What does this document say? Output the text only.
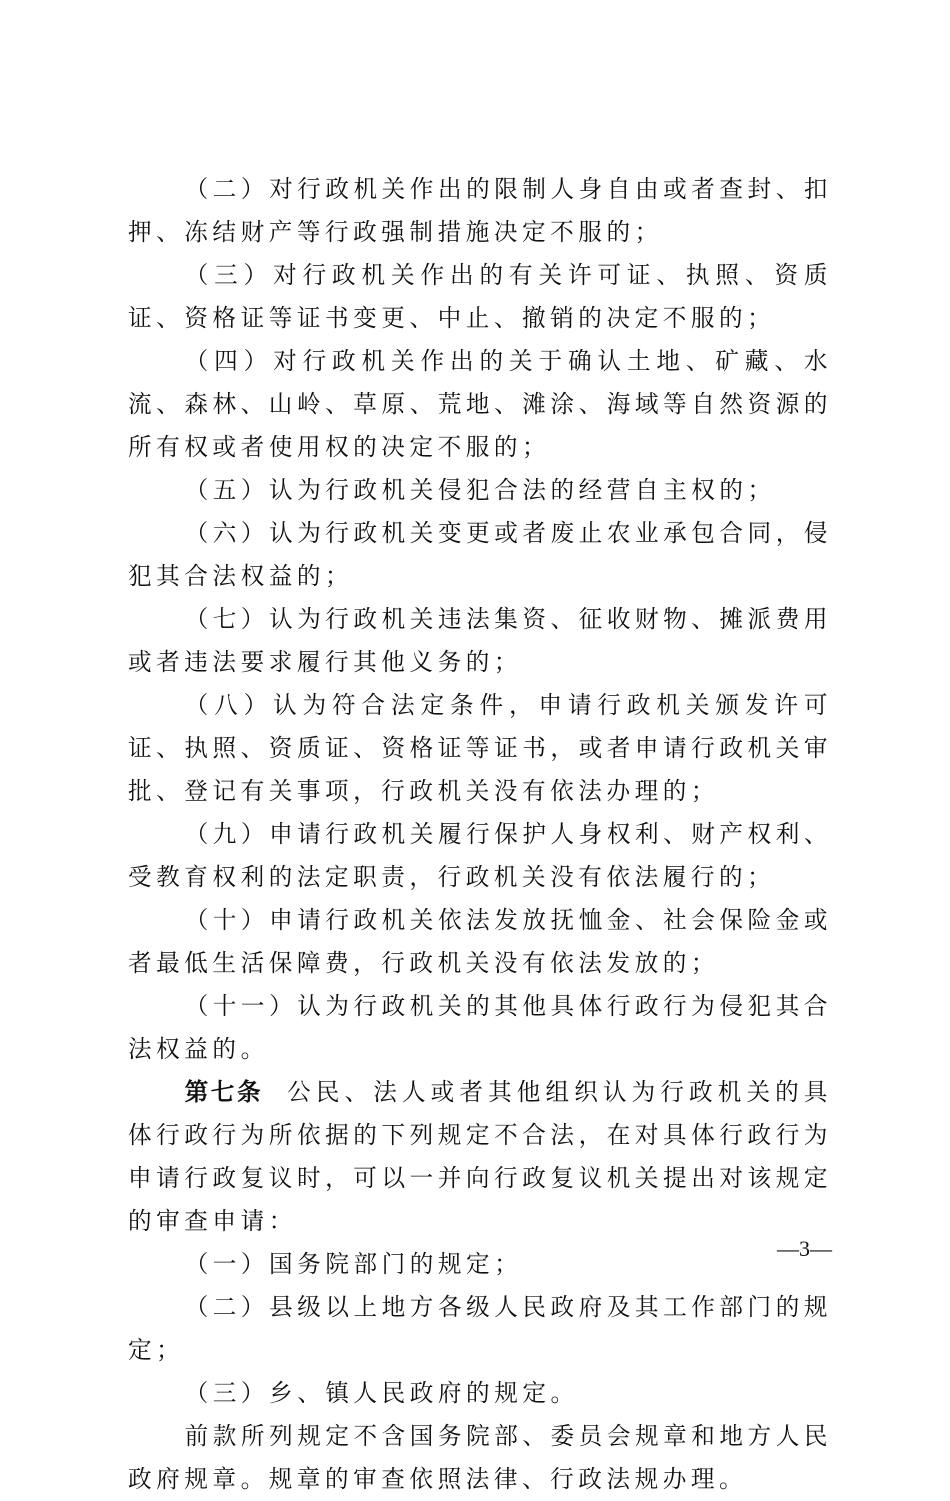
（二）对行政机关作出的限制人身自由或者查封、扣押、冻结财产等行政强制措施决定不服的；

（三）对行政机关作出的有关许可证、执照、资质证、资格证等证书变更、中止、撤销的决定不服的；

（四）对行政机关作出的关于确认土地、矿藏、水流、森林、山岭、草原、荒地、滩涂、海域等自然资源的所有权或者使用权的决定不服的；

（五）认为行政机关侵犯合法的经营自主权的；

（六）认为行政机关变更或者废止农业承包合同，侵犯其合法权益的；

（七）认为行政机关违法集资、征收财物、摊派费用或者违法要求履行其他义务的；

（八）认为符合法定条件，申请行政机关颁发许可证、执照、资质证、资格证等证书，或者申请行政机关审批、登记有关事项，行政机关没有依法办理的；

（九）申请行政机关履行保护人身权利、财产权利、受教育权利的法定职责，行政机关没有依法履行的；

（十）申请行政机关依法发放抚恤金、社会保险金或者最低生活保障费，行政机关没有依法发放的；

（十一）认为行政机关的其他具体行政行为侵犯其合法权益的。

第七条 公民、法人或者其他组织认为行政机关的具体行政行为所依据的下列规定不合法，在对具体行政行为申请行政复议时，可以一并向行政复议机关提出对该规定的审查申请：

（一）国务院部门的规定；

（二）县级以上地方各级人民政府及其工作部门的规定；

（三）乡、镇人民政府的规定。

前款所列规定不含国务院部、委员会规章和地方人民政府规章。规章的审查依照法律、行政法规办理。

—3—
